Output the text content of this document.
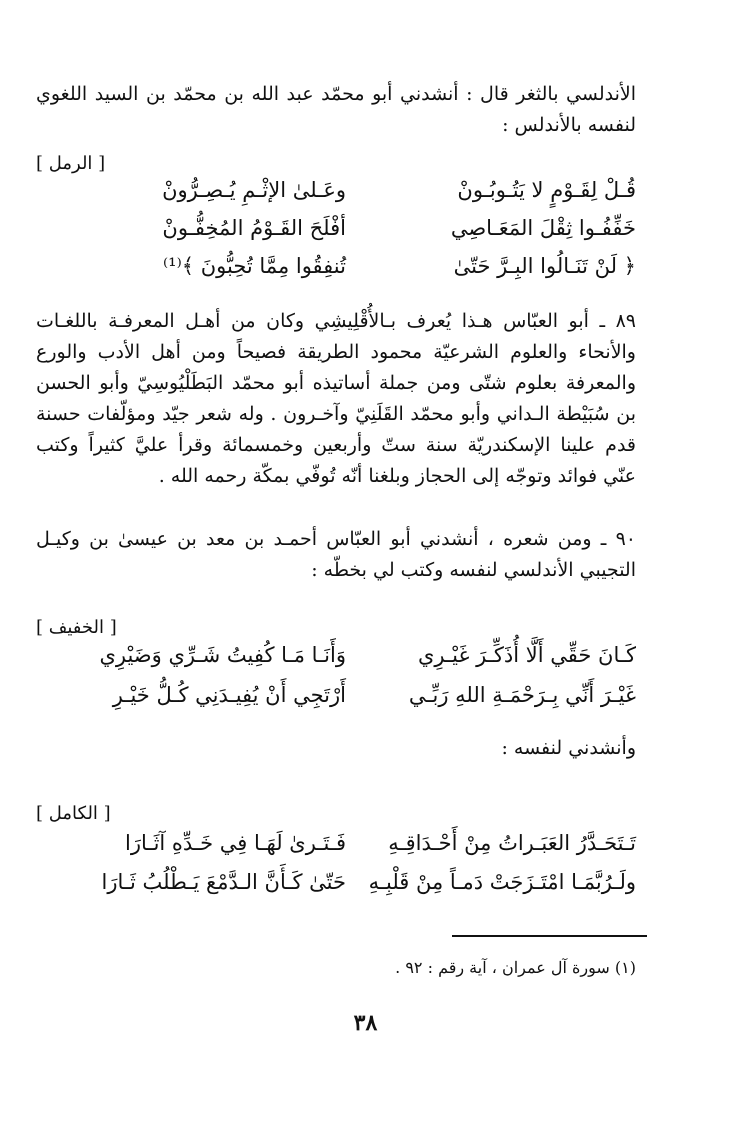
الأندلسي بالثغر قال : أنشدني أبو محمّد عبد الله بن محمّد بن السيد اللغوي لنفسه بالأندلس :

[ الرمل ]
قُـلْ لِقَـوْمٍ لا يَتُـوبُـونْ
وعَـلىٰ الإثْـمِ يُـصِـرُّونْ
خَفِّفُـوا ثِقْلَ المَعَـاصِي
أفْلَحَ القَـوْمُ المُخِفُّـونْ
﴿ لَنْ تَنَـالُوا البِـرَّ حَتّىٰ
تُنفِقُوا مِمَّا تُحِبُّونَ ﴾⁽¹⁾

٨٩ ـ أبو العبّاس هـذا يُعرف بـالأُقْلِيشِي وكان من أهـل المعرفـة باللغـات والأنحاء والعلوم الشرعيّة محمود الطريقة فصيحاً ومن أهل الأدب والورع والمعرفة بعلوم شتّى ومن جملة أساتيذه أبو محمّد البَطَلْيُوسِيّ وأبو الحسن بن سُبَيْطة الـداني وأبو محمّد القَلَنِيّ وآخـرون . وله شعر جيّد ومؤلّفات حسنة قدم علينا الإسكندريّة سنة ستّ وأربعين وخمسمائة وقرأ عليَّ كثيراً وكتب عنّي فوائد وتوجّه إلى الحجاز وبلغنا أنّه تُوفّي بمكّة رحمه الله .

٩٠ ـ ومن شعره ، أنشدني أبو العبّاس أحمـد بن معد بن عيسىٰ بن وكيـل التجيبي الأندلسي لنفسه وكتب لي بخطّه :

[ الخفيف ]
كَـانَ حَقِّي أَلَّا أُذَكِّـرَ غَيْـرِي
وَأَنَـا مَـا كُفِيتُ شَـرِّي وَضَيْرِي
غَيْـرَ أَنِّي بِـرَحْمَـةِ اللهِ رَبِّـي
أَرْتَجِي أَنْ يُفِيـدَنِي كُـلُّ خَيْـرِ

وأنشدني لنفسه :

[ الكامل ]
تَـتَحَـدَّرُ العَبَـراتُ مِنْ أَحْـدَاقِـهِ
فَـتَـرىٰ لَهَـا فِي خَـدِّهِ آثَـارَا
ولَـرُبَّمَـا امْتَـزَجَتْ دَمـاً مِنْ قَلْبِـهِ
حَتّىٰ كَـأَنَّ الـدَّمْعَ يَـطْلُبُ ثَـارَا
(١) سورة آل عمران ، آية رقم : ٩٢ .
٣٨
